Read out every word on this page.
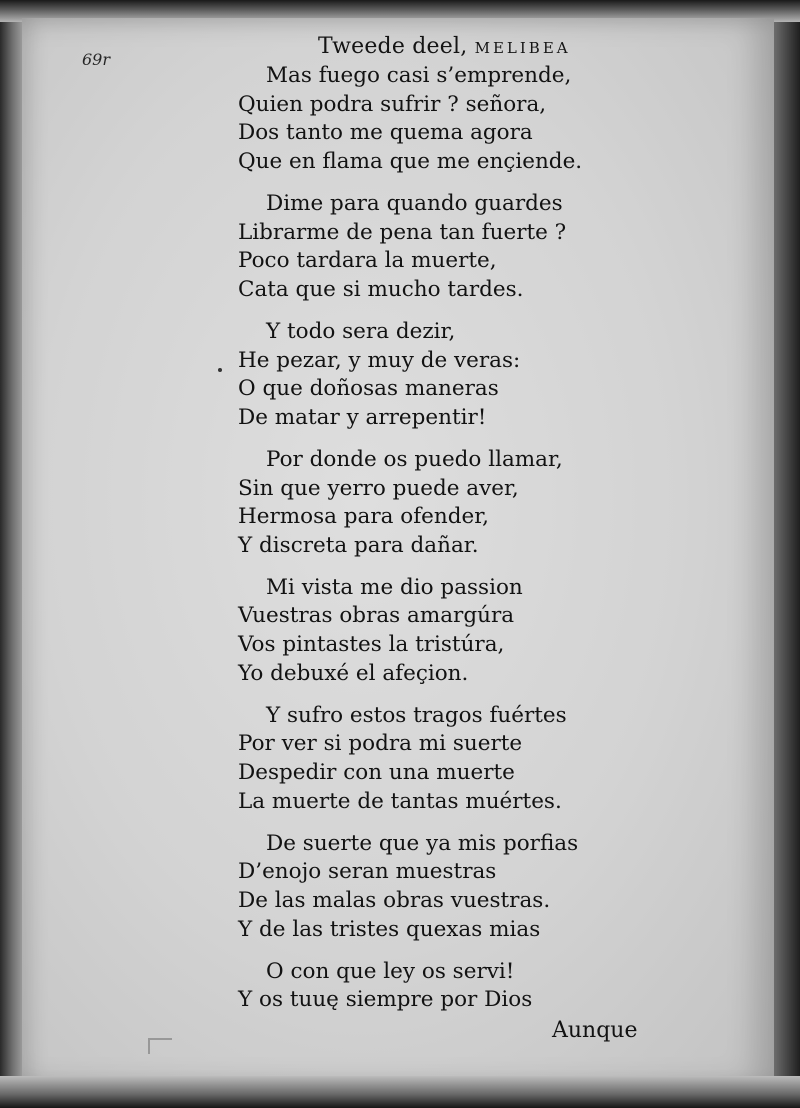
69r
Tweede deel, MELIBEA
Mas fuego casi s’emprende,
Quien podra sufrir ? señora,
Dos tanto me quema agora
Que en flama que me ençiende.
Dime para quando guardes
Librarme de pena tan fuerte ?
Poco tardara la muerte,
Cata que si mucho tardes.
Y todo sera dezir,
He pezar, y muy de veras:
O que doñosas maneras
De matar y arrepentir!
Por donde os puedo llamar,
Sin que yerro puede aver,
Hermosa para ofender,
Y discreta para dañar.
Mi vista me dio passion
Vuestras obras amargúra
Vos pintastes la tristúra,
Yo debuxé el afeçion.
Y sufro estos tragos fuértes
Por ver si podra mi suerte
Despedir con una muerte
La muerte de tantas muértes.
De suerte que ya mis porfias
D’enojo seran muestras
De las malas obras vuestras.
Y de las tristes quexas mias
O con que ley os servi!
Y os tuuę siempre por Dios
Aunque
